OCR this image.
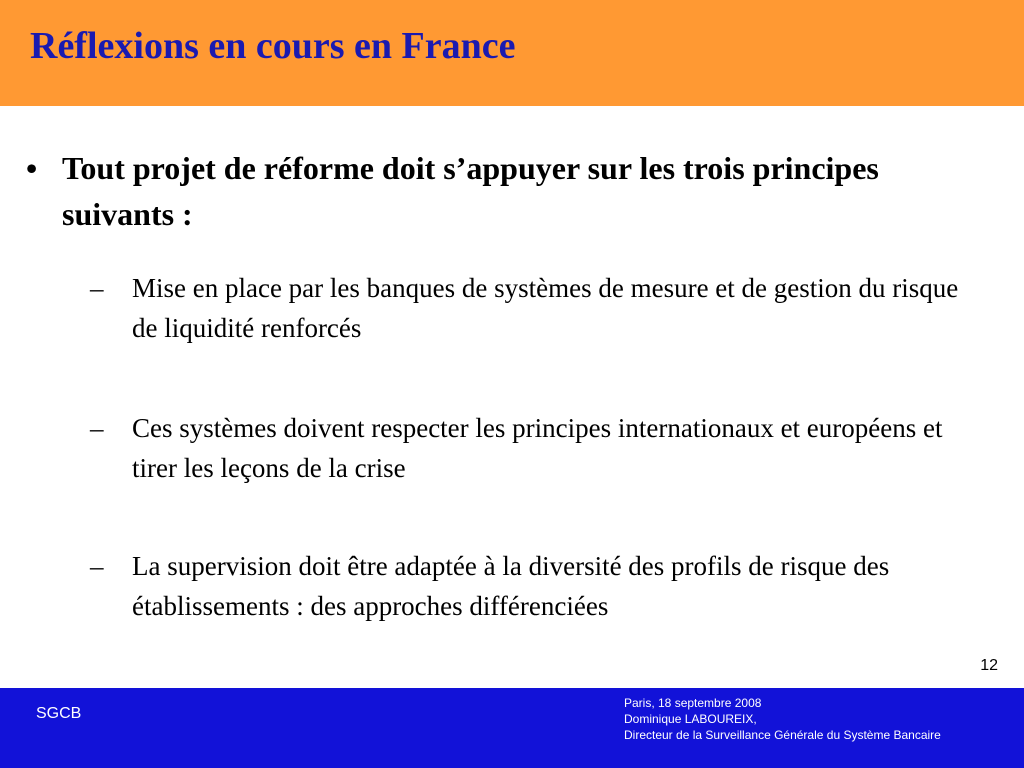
Réflexions en cours en France
• Tout projet de réforme doit s’appuyer sur les trois principes suivants :
– Mise en place par les banques de systèmes de mesure et de gestion du risque de liquidité renforcés
– Ces systèmes doivent respecter les principes internationaux et européens et tirer les leçons de la crise
– La supervision doit être adaptée à la diversité des profils de risque des établissements : des approches différenciées
12
SGCB
Paris, 18 septembre 2008
Dominique LABOUREIX,
Directeur de la Surveillance Générale du Système Bancaire
